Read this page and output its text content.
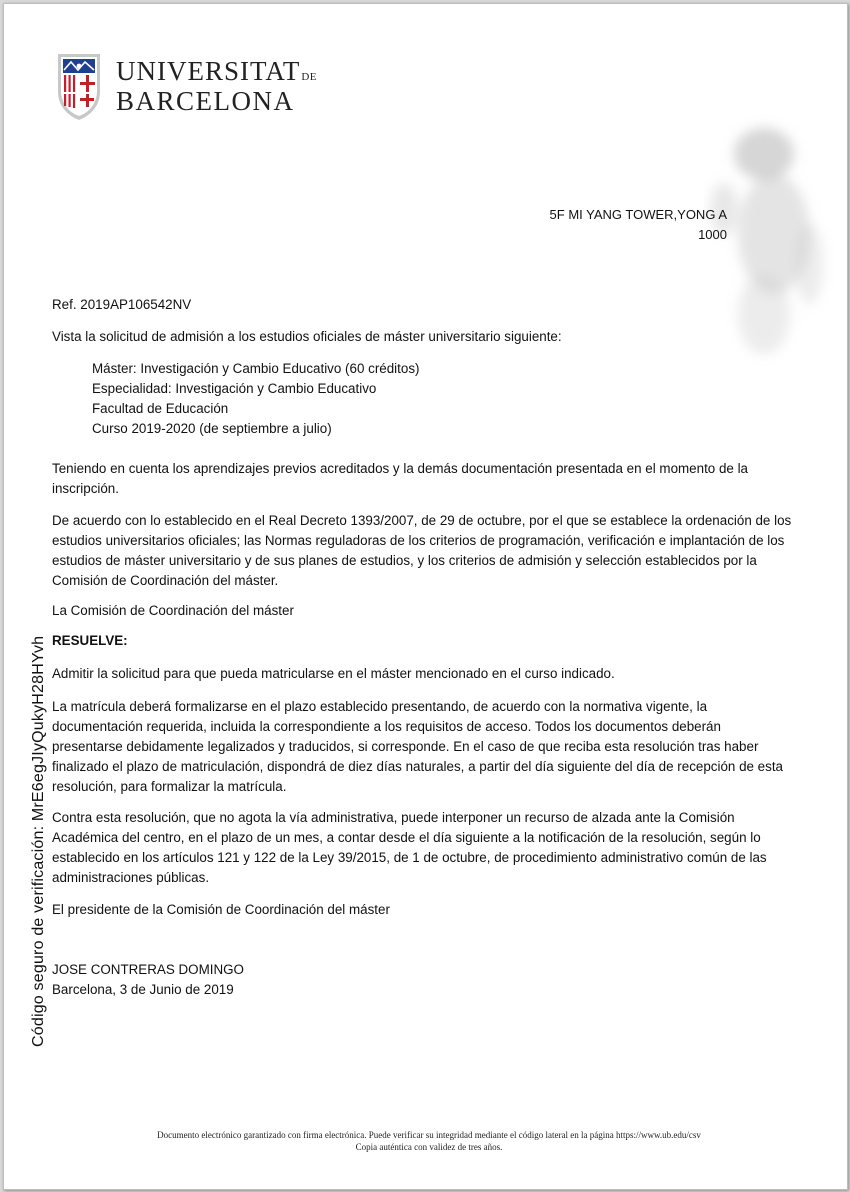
UNIVERSITATDE
BARCELONA
5F MI YANG TOWER,YONG A
1000
Ref. 2019AP106542NV
Vista la solicitud de admisión a los estudios oficiales de máster universitario siguiente:
Máster: Investigación y Cambio Educativo (60 créditos)
Especialidad: Investigación y Cambio Educativo
Facultad de Educación
Curso 2019-2020 (de septiembre a julio)
Teniendo en cuenta los aprendizajes previos acreditados y la demás documentación presentada en el momento de la inscripción.
De acuerdo con lo establecido en el Real Decreto 1393/2007, de 29 de octubre, por el que se establece la ordenación de los estudios universitarios oficiales; las Normas reguladoras de los criterios de programación, verificación e implantación de los estudios de máster universitario y de sus planes de estudios, y los criterios de admisión y selección establecidos por la Comisión de Coordinación del máster.
La Comisión de Coordinación del máster
RESUELVE:
Admitir la solicitud para que pueda matricularse en el máster mencionado en el curso indicado.
La matrícula deberá formalizarse en el plazo establecido presentando, de acuerdo con la normativa vigente, la documentación requerida, incluida la correspondiente a los requisitos de acceso. Todos los documentos deberán presentarse debidamente legalizados y traducidos, si corresponde. En el caso de que reciba esta resolución tras haber finalizado el plazo de matriculación, dispondrá de diez días naturales, a partir del día siguiente del día de recepción de esta resolución, para formalizar la matrícula.
Contra esta resolución, que no agota la vía administrativa, puede interponer un recurso de alzada ante la Comisión Académica del centro, en el plazo de un mes, a contar desde el día siguiente a la notificación de la resolución, según lo establecido en los artículos 121 y 122 de la Ley 39/2015, de 1 de octubre, de procedimiento administrativo común de las administraciones públicas.
El presidente de la Comisión de Coordinación del máster
JOSE CONTRERAS DOMINGO
Barcelona, 3 de Junio de 2019
Código seguro de verificación: MrE6egJIyQukyH28HYvh
Documento electrónico garantizado con firma electrónica. Puede verificar su integridad mediante el código lateral en la página https://www.ub.edu/csv
Copia auténtica con validez de tres años.
